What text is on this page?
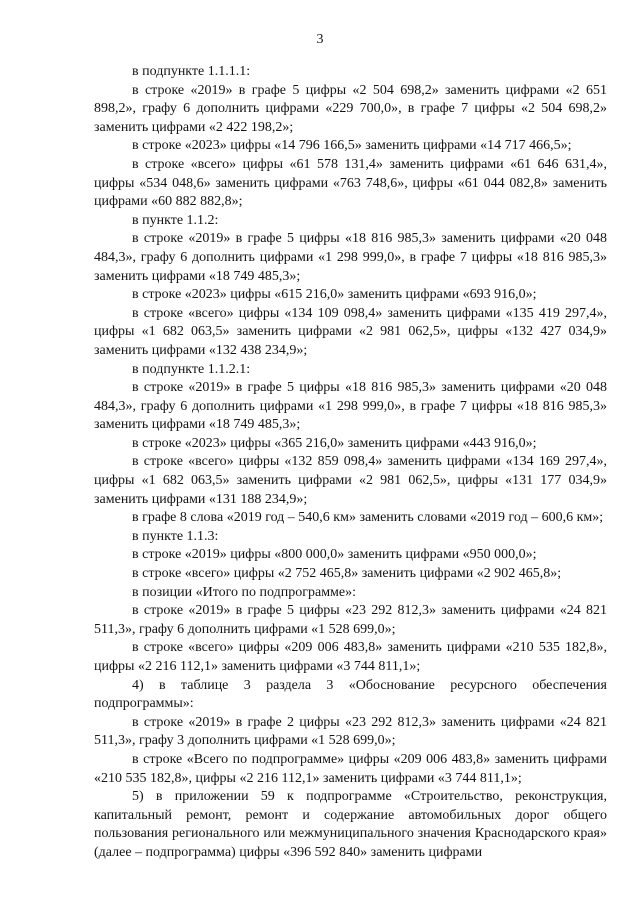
3

в подпункте 1.1.1.1:

в строке «2019» в графе 5 цифры «2 504 698,2» заменить цифрами «2 651 898,2», графу 6 дополнить цифрами «229 700,0», в графе 7 цифры «2 504 698,2» заменить цифрами «2 422 198,2»;

в строке «2023» цифры «14 796 166,5» заменить цифрами «14 717 466,5»;

в строке «всего» цифры «61 578 131,4» заменить цифрами «61 646 631,4», цифры «534 048,6» заменить цифрами «763 748,6», цифры «61 044 082,8» заменить цифрами «60 882 882,8»;

в пункте 1.1.2:

в строке «2019» в графе 5 цифры «18 816 985,3» заменить цифрами «20 048 484,3», графу 6 дополнить цифрами «1 298 999,0», в графе 7 цифры «18 816 985,3» заменить цифрами «18 749 485,3»;

в строке «2023» цифры «615 216,0» заменить цифрами «693 916,0»;

в строке «всего» цифры «134 109 098,4» заменить цифрами «135 419 297,4», цифры «1 682 063,5» заменить цифрами «2 981 062,5», цифры «132 427 034,9» заменить цифрами «132 438 234,9»;

в подпункте 1.1.2.1:

в строке «2019» в графе 5 цифры «18 816 985,3» заменить цифрами «20 048 484,3», графу 6 дополнить цифрами «1 298 999,0», в графе 7 цифры «18 816 985,3» заменить цифрами «18 749 485,3»;

в строке «2023» цифры «365 216,0» заменить цифрами «443 916,0»;

в строке «всего» цифры «132 859 098,4» заменить цифрами «134 169 297,4», цифры «1 682 063,5» заменить цифрами «2 981 062,5», цифры «131 177 034,9» заменить цифрами «131 188 234,9»;

в графе 8 слова «2019 год – 540,6 км» заменить словами «2019 год – 600,6 км»;

в пункте 1.1.3:

в строке «2019» цифры «800 000,0» заменить цифрами «950 000,0»;

в строке «всего» цифры «2 752 465,8» заменить цифрами «2 902 465,8»;

в позиции «Итого по подпрограмме»:

в строке «2019» в графе 5 цифры «23 292 812,3» заменить цифрами «24 821 511,3», графу 6 дополнить цифрами «1 528 699,0»;

в строке «всего» цифры «209 006 483,8» заменить цифрами «210 535 182,8», цифры «2 216 112,1» заменить цифрами «3 744 811,1»;

4) в таблице 3 раздела 3 «Обоснование ресурсного обеспечения подпрограммы»:

в строке «2019» в графе 2 цифры «23 292 812,3» заменить цифрами «24 821 511,3», графу 3 дополнить цифрами «1 528 699,0»;

в строке «Всего по подпрограмме» цифры «209 006 483,8» заменить цифрами «210 535 182,8», цифры «2 216 112,1» заменить цифрами «3 744 811,1»;

5) в приложении 59 к подпрограмме «Строительство, реконструкция, капитальный ремонт, ремонт и содержание автомобильных дорог общего пользования регионального или межмуниципального значения Краснодарского края» (далее – подпрограмма) цифры «396 592 840» заменить цифрами
